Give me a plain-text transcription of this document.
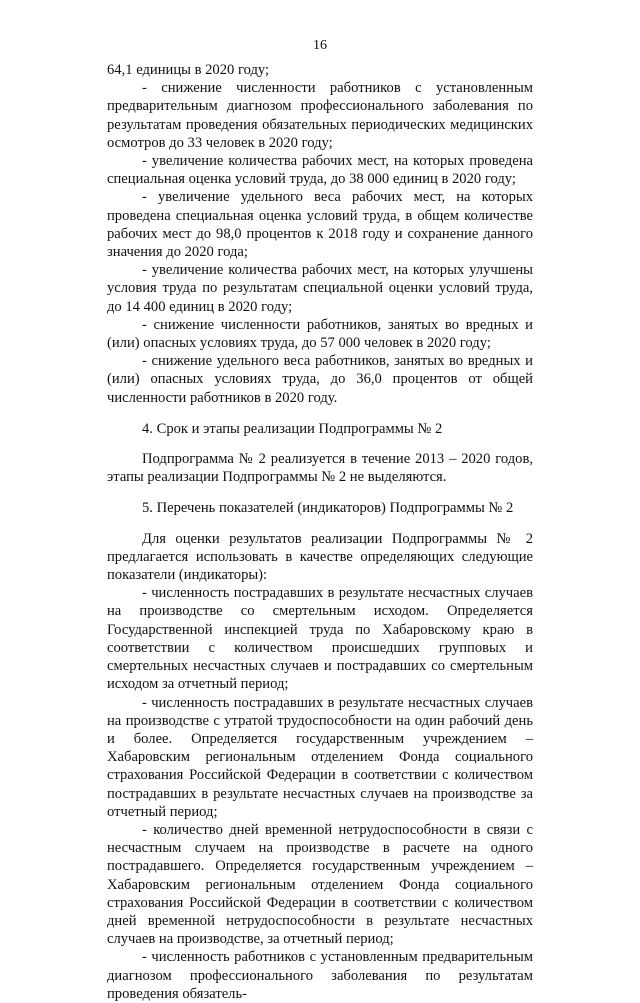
16

64,1 единицы в 2020 году;

- снижение численности работников с установленным предварительным диагнозом профессионального заболевания по результатам проведения обязательных периодических медицинских осмотров до 33 человек в 2020 году;

- увеличение количества рабочих мест, на которых проведена специальная оценка условий труда, до 38 000 единиц в 2020 году;

- увеличение удельного веса рабочих мест, на которых проведена специальная оценка условий труда, в общем количестве рабочих мест до 98,0 процентов к 2018 году и сохранение данного значения до 2020 года;

- увеличение количества рабочих мест, на которых улучшены условия труда по результатам специальной оценки условий труда, до 14 400 единиц в 2020 году;

- снижение численности работников, занятых во вредных и (или) опасных условиях труда, до 57 000 человек в 2020 году;

- снижение удельного веса работников, занятых во вредных и (или) опасных условиях труда, до 36,0 процентов от общей численности работников в 2020 году.

4. Срок и этапы реализации Подпрограммы № 2

Подпрограмма № 2 реализуется в течение 2013 – 2020 годов, этапы реализации Подпрограммы № 2 не выделяются.

5. Перечень показателей (индикаторов) Подпрограммы № 2

Для оценки результатов реализации Подпрограммы № 2 предлагается использовать в качестве определяющих следующие показатели (индикаторы):

- численность пострадавших в результате несчастных случаев на производстве со смертельным исходом. Определяется Государственной инспекцией труда по Хабаровскому краю в соответствии с количеством происшедших групповых и смертельных несчастных случаев и пострадавших со смертельным исходом за отчетный период;

- численность пострадавших в результате несчастных случаев на производстве с утратой трудоспособности на один рабочий день и более. Определяется государственным учреждением – Хабаровским региональным отделением Фонда социального страхования Российской Федерации в соответствии с количеством пострадавших в результате несчастных случаев на производстве за отчетный период;

- количество дней временной нетрудоспособности в связи с несчастным случаем на производстве в расчете на одного пострадавшего. Определяется государственным учреждением – Хабаровским региональным отделением Фонда социального страхования Российской Федерации в соответствии с количеством дней временной нетрудоспособности в результате несчастных случаев на производстве, за отчетный период;

- численность работников с установленным предварительным диагнозом профессионального заболевания по результатам проведения обязатель-
